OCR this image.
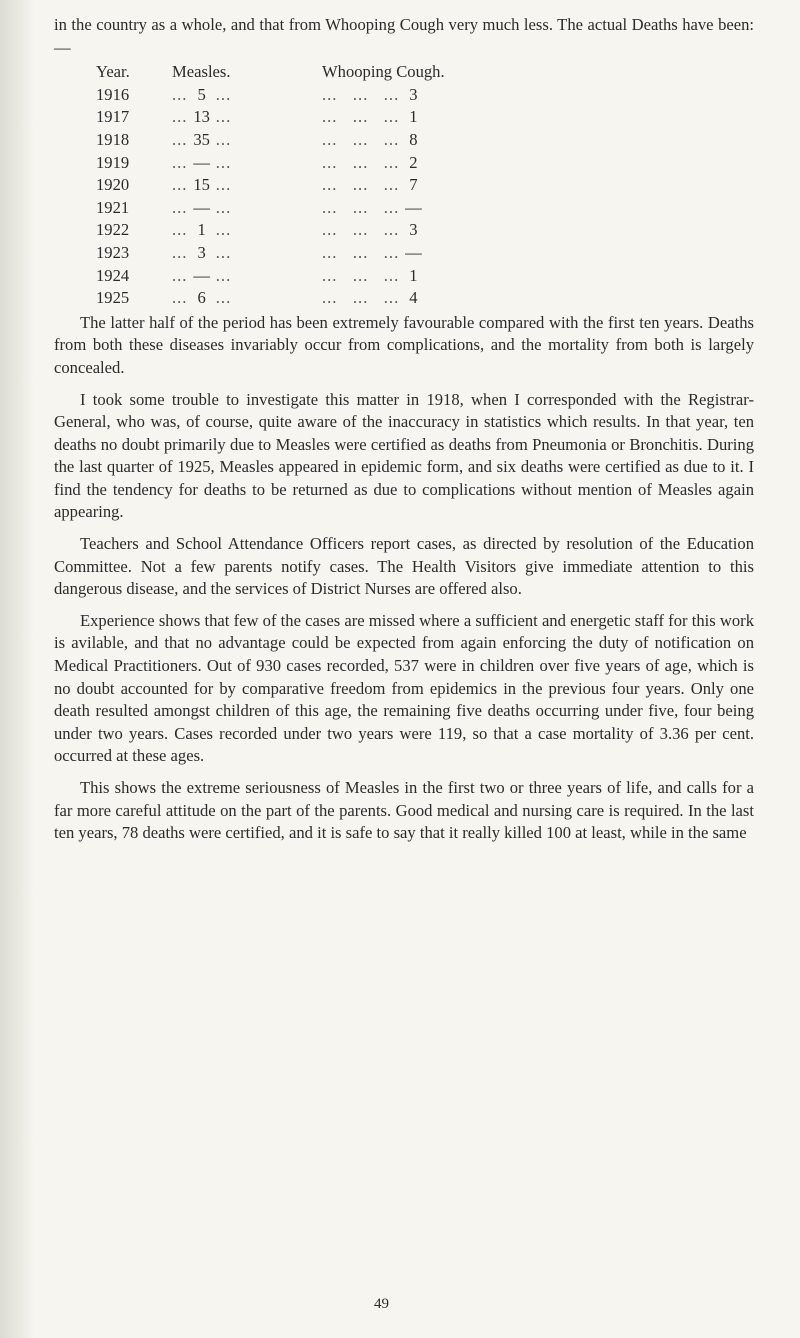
in the country as a whole, and that from Whooping Cough very much less. The actual Deaths have been:—

Year.	Measles.	Whooping Cough.
1916	... 5 ...	...   ...   ... 3
1917	... 13 ...	...   ...   ... 1
1918	... 35 ...	...   ...   ... 8
1919	... — ...	...   ...   ... 2
1920	... 15 ...	...   ...   ... 7
1921	... — ...	...   ...   ... —
1922	... 1 ...	...   ...   ... 3
1923	... 3 ...	...   ...   ... —
1924	... — ...	...   ...   ... 1
1925	... 6 ...	...   ...   ... 4

The latter half of the period has been extremely favourable compared with the first ten years. Deaths from both these diseases invariably occur from complications, and the mortality from both is largely concealed.

I took some trouble to investigate this matter in 1918, when I corresponded with the Registrar-General, who was, of course, quite aware of the inaccuracy in statistics which results. In that year, ten deaths no doubt primarily due to Measles were certified as deaths from Pneumonia or Bronchitis. During the last quarter of 1925, Measles appeared in epidemic form, and six deaths were certified as due to it. I find the tendency for deaths to be returned as due to complications without mention of Measles again appearing.

Teachers and School Attendance Officers report cases, as directed by resolution of the Education Committee. Not a few parents notify cases. The Health Visitors give immediate attention to this dangerous disease, and the services of District Nurses are offered also.

Experience shows that few of the cases are missed where a sufficient and energetic staff for this work is avilable, and that no advantage could be expected from again enforcing the duty of notification on Medical Practitioners. Out of 930 cases recorded, 537 were in children over five years of age, which is no doubt accounted for by comparative freedom from epidemics in the previous four years. Only one death resulted amongst children of this age, the remaining five deaths occurring under five, four being under two years. Cases recorded under two years were 119, so that a case mortality of 3.36 per cent. occurred at these ages.

This shows the extreme seriousness of Measles in the first two or three years of life, and calls for a far more careful attitude on the part of the parents. Good medical and nursing care is required. In the last ten years, 78 deaths were certified, and it is safe to say that it really killed 100 at least, while in the same

49
